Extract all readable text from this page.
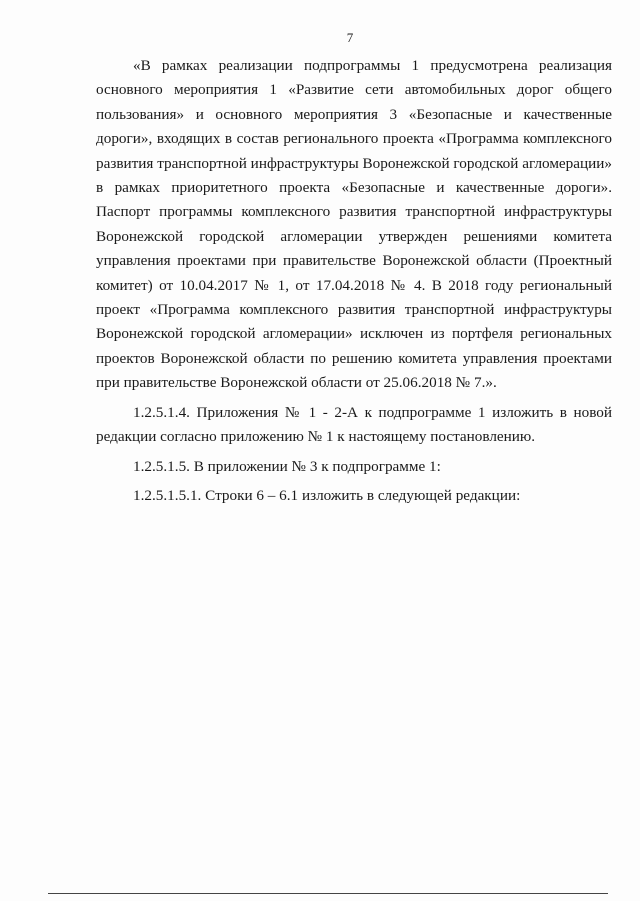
7

«В рамках реализации подпрограммы 1 предусмотрена реализация основного мероприятия 1 «Развитие сети автомобильных дорог общего пользования» и основного мероприятия 3 «Безопасные и качественные дороги», входящих в состав регионального проекта «Программа комплексного развития транспортной инфраструктуры Воронежской городской агломерации» в рамках приоритетного проекта «Безопасные и качественные дороги». Паспорт программы комплексного развития транспортной инфраструктуры Воронежской городской агломерации утвержден решениями комитета управления проектами при правительстве Воронежской области (Проектный комитет) от 10.04.2017 № 1, от 17.04.2018 № 4. В 2018 году региональный проект «Программа комплексного развития транспортной инфраструктуры Воронежской городской агломерации» исключен из портфеля региональных проектов Воронежской области по решению комитета управления проектами при правительстве Воронежской области от 25.06.2018 № 7.».

1.2.5.1.4. Приложения № 1 - 2-А к подпрограмме 1 изложить в новой редакции согласно приложению № 1 к настоящему постановлению.

1.2.5.1.5. В приложении № 3 к подпрограмме 1:

1.2.5.1.5.1. Строки 6 – 6.1 изложить в следующей редакции:
